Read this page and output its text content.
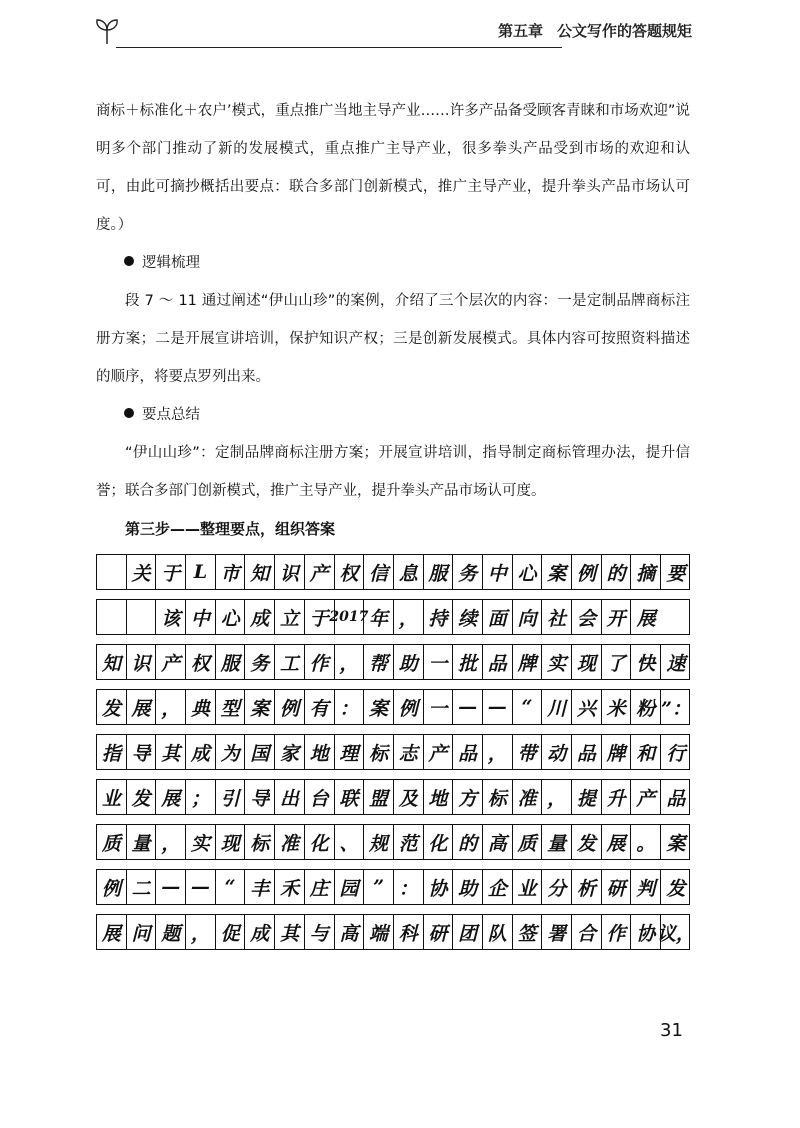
第五章 公文写作的答题规矩

商标＋标准化＋农户’模式，重点推广当地主导产业……许多产品备受顾客青睐和市场欢迎”说明多个部门推动了新的发展模式，重点推广主导产业，很多拳头产品受到市场的欢迎和认可，由此可摘抄概括出要点：联合多部门创新模式，推广主导产业，提升拳头产品市场认可度。）

逻辑梳理

段 7 ～ 11 通过阐述“伊山山珍”的案例，介绍了三个层次的内容：一是定制品牌商标注册方案；二是开展宣讲培训，保护知识产权；三是创新发展模式。具体内容可按照资料描述的顺序，将要点罗列出来。

要点总结

“伊山山珍”：定制品牌商标注册方案；开展宣讲培训，指导制定商标管理办法，提升信誉；联合多部门创新模式，推广主导产业，提升拳头产品市场认可度。

第三步——整理要点，组织答案

关 于 L 市 知 识 产 权 信 息 服 务 中 心 案 例 的 摘 要
该 中 心 成 立 于 2017 年 ， 持 续 面 向 社 会 开 展
知 识 产 权 服 务 工 作 ， 帮 助 一 批 品 牌 实 现 了 快 速
发 展 ， 典 型 案 例 有 ： 案 例 一 — — “ 川 兴 米 粉 ”：
指 导 其 成 为 国 家 地 理 标 志 产 品 ， 带 动 品 牌 和 行
业 发 展 ； 引 导 出 台 联 盟 及 地 方 标 准 ， 提 升 产 品
质 量 ， 实 现 标 准 化 、 规 范 化 的 高 质 量 发 展 。 案
例 二 — — “ 丰 禾 庄 园 ” ： 协 助 企 业 分 析 研 判 发
展 问 题 ， 促 成 其 与 高 端 科 研 团 队 签 署 合 作 协 议，
31
